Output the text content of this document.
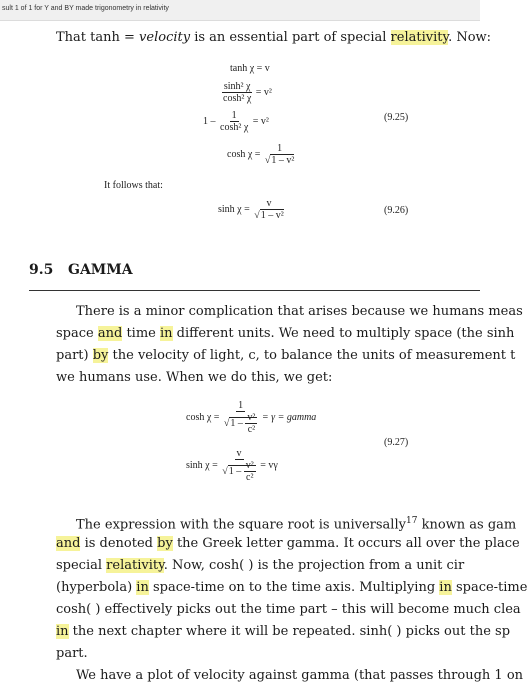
sult 1 of 1 for Y and BY made trigonometry in relativity
That tanh = velocity is an essential part of special relativity. Now:
tanh χ = v
$\frac{\text{sinh² χ}}{\text{cosh² χ}} = v^2$
$1 - \frac{1}{\text{cosh² χ}} = v^2$
$\cosh \chi = \frac{1}{\text{√1 – v²}}$
(9.25)
It follows that:
$\sinh \chi = \frac{v}{\text{√1 – v²}}$	(9.26)
9.5 GAMMA
There is a minor complication that arises because we humans meas
space and time in different units. We need to multiply space (the sinh
part) by the velocity of light, c, to balance the units of measurement t
we humans use. When we do this, we get:
$\cosh \chi = \frac{1}{√1 - \frac{\text{v²}}{\text{c²}}} = \gamma$ = gamma
$\sinh \chi = \frac{v}{√1 - \frac{\text{v²}}{\text{c²}}} = v\gamma$
(9.27)
The expression with the square root is universally$^{17}$ known as gam
and is denoted by the Greek letter gamma. It occurs all over the place
special relativity. Now, cosh( ) is the projection from a unit cir
(hyperbola) in space-time on to the time axis. Multiplying in space-time
cosh( ) effectively picks out the time part – this will become much clea
in the next chapter where it will be repeated. sinh( ) picks out the sp
part.
We have a plot of velocity against gamma (that passes through 1 on
